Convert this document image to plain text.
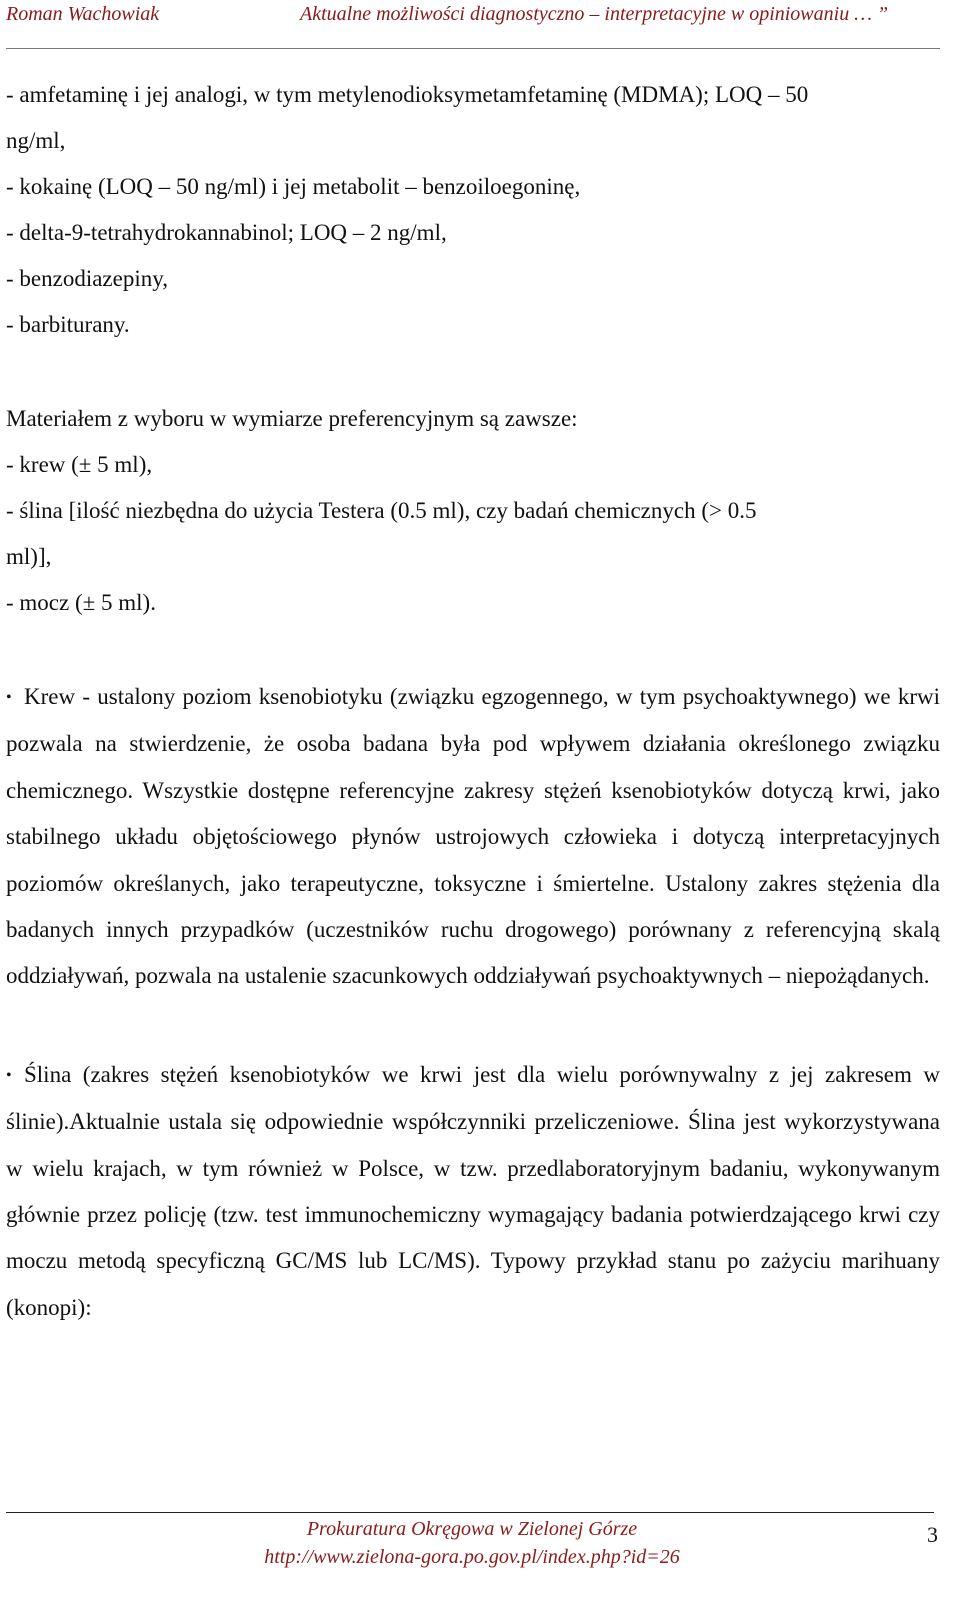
Roman Wachowiak	Aktualne możliwości diagnostyczno – interpretacyjne w opiniowaniu … ”
- amfetaminę i jej analogi, w tym metylenodioksymetamfetaminę (MDMA); LOQ – 50
ng/ml,
- kokainę (LOQ – 50 ng/ml) i jej metabolit – benzoiloegoninę,
- delta-9-tetrahydrokannabinol; LOQ – 2 ng/ml,
- benzodiazepiny,
- barbiturany.
Materiałem z wyboru w wymiarze preferencyjnym są zawsze:
- krew (± 5 ml),
- ślina [ilość niezbędna do użycia Testera (0.5 ml), czy badań chemicznych (> 0.5
ml)],
- mocz (± 5 ml).
• Krew - ustalony poziom ksenobiotyku (związku egzogennego, w tym psychoaktywnego) we krwi pozwala na stwierdzenie, że osoba badana była pod wpływem działania określonego związku chemicznego. Wszystkie dostępne referencyjne zakresy stężeń ksenobiotyków dotyczą krwi, jako stabilnego układu objętościowego płynów ustrojowych człowieka i dotyczą interpretacyjnych poziomów określanych, jako terapeutyczne, toksyczne i śmiertelne. Ustalony zakres stężenia dla badanych innych przypadków (uczestników ruchu drogowego) porównany z referencyjną skalą oddziaływań, pozwala na ustalenie szacunkowych oddziaływań psychoaktywnych – niepożądanych.
• Ślina (zakres stężeń ksenobiotyków we krwi jest dla wielu porównywalny z jej zakresem w ślinie).Aktualnie ustala się odpowiednie współczynniki przeliczeniowe. Ślina jest wykorzystywana w wielu krajach, w tym również w Polsce, w tzw. przedlaboratoryjnym badaniu, wykonywanym głównie przez policję (tzw. test immunochemiczny wymagający badania potwierdzającego krwi czy moczu metodą specyficzną GC/MS lub LC/MS). Typowy przykład stanu po zażyciu marihuany (konopi):
3
Prokuratura Okręgowa w Zielonej Górze
http://www.zielona-gora.po.gov.pl/index.php?id=26
